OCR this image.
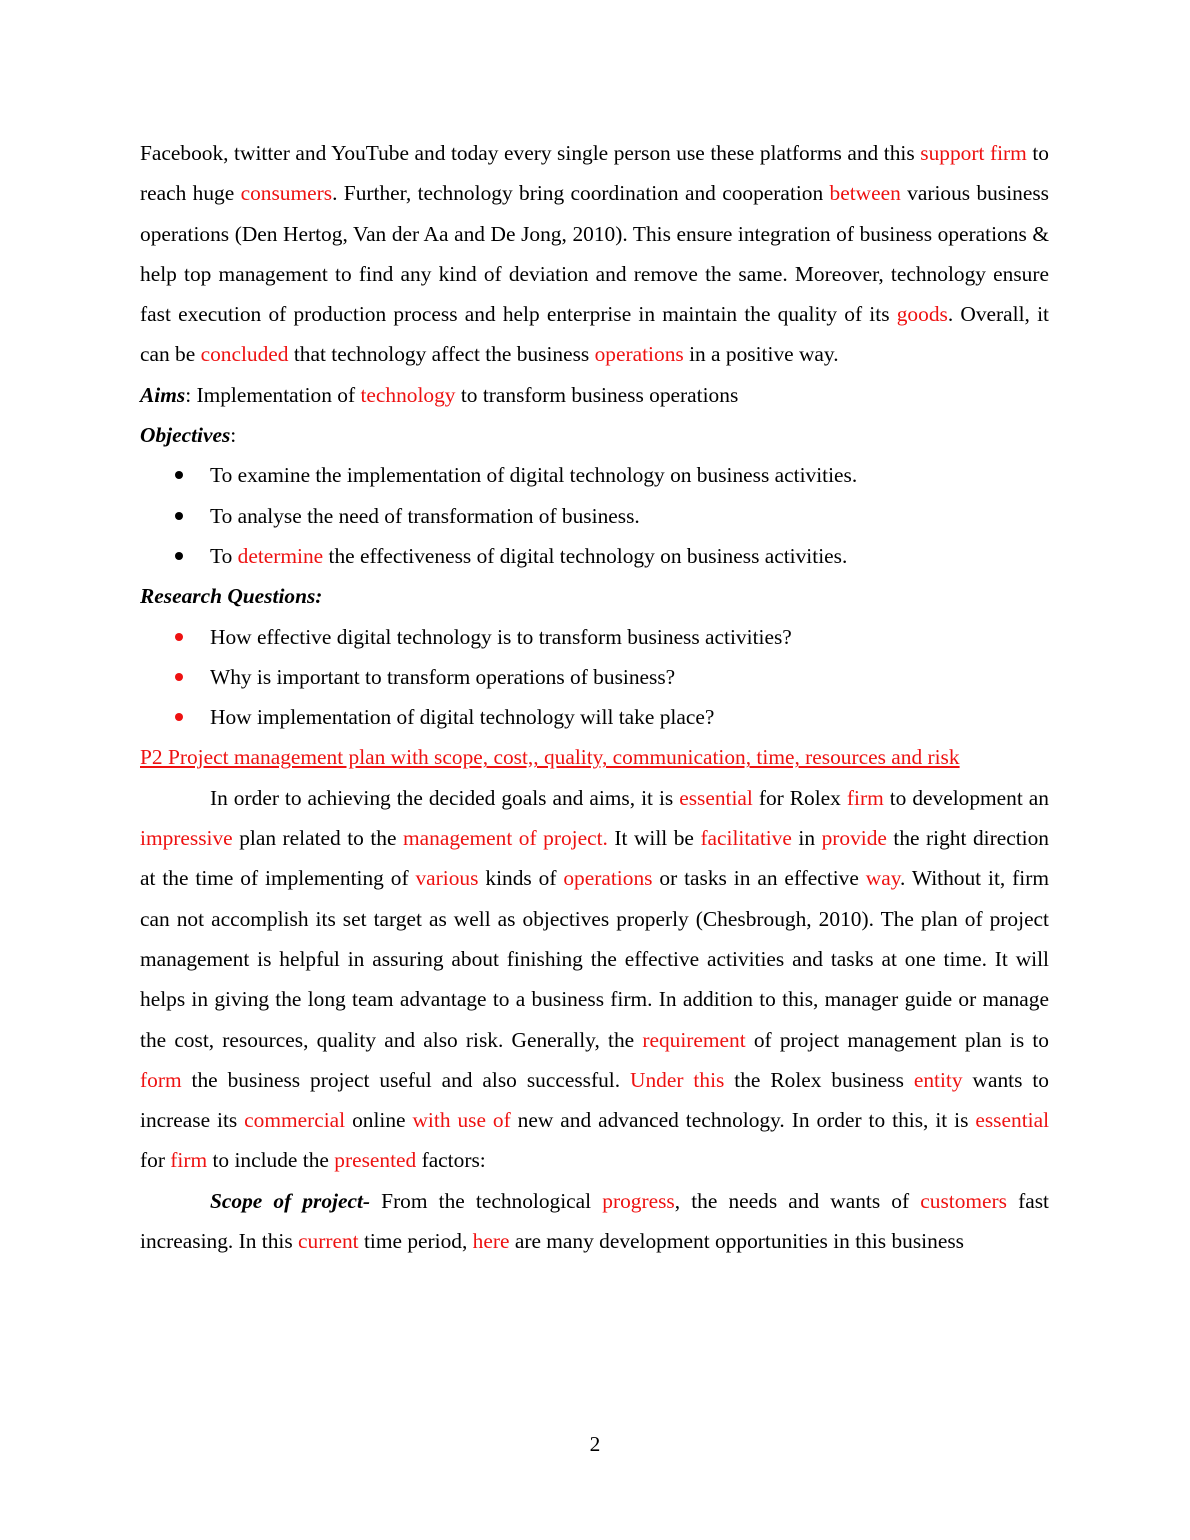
Facebook, twitter and YouTube and today every single person use these platforms and this support firm to reach huge consumers. Further, technology bring coordination and cooperation between various business operations (Den Hertog, Van der Aa and De Jong, 2010). This ensure integration of business operations & help top management to find any kind of deviation and remove the same. Moreover, technology ensure fast execution of production process and help enterprise in maintain the quality of its goods. Overall, it can be concluded that technology affect the business operations in a positive way.

Aims: Implementation of technology to transform business operations

Objectives:

To examine the implementation of digital technology on business activities.
To analyse the need of transformation of business.
To determine the effectiveness of digital technology on business activities.

Research Questions:

How effective digital technology is to transform business activities?
Why is important to transform operations of business?
How implementation of digital technology will take place?

P2 Project management plan with scope, cost,, quality, communication, time, resources and risk

In order to achieving the decided goals and aims, it is essential for Rolex firm to development an impressive plan related to the management of project. It will be facilitative in provide the right direction at the time of implementing of various kinds of operations or tasks in an effective way. Without it, firm can not accomplish its set target as well as objectives properly (Chesbrough, 2010). The plan of project management is helpful in assuring about finishing the effective activities and tasks at one time. It will helps in giving the long team advantage to a business firm. In addition to this, manager guide or manage the cost, resources, quality and also risk. Generally, the requirement of project management plan is to form the business project useful and also successful. Under this the Rolex business entity wants to increase its commercial online with use of new and advanced technology. In order to this, it is essential for firm to include the presented factors:

Scope of project- From the technological progress, the needs and wants of customers fast increasing. In this current time period, here are many development opportunities in this business

2
